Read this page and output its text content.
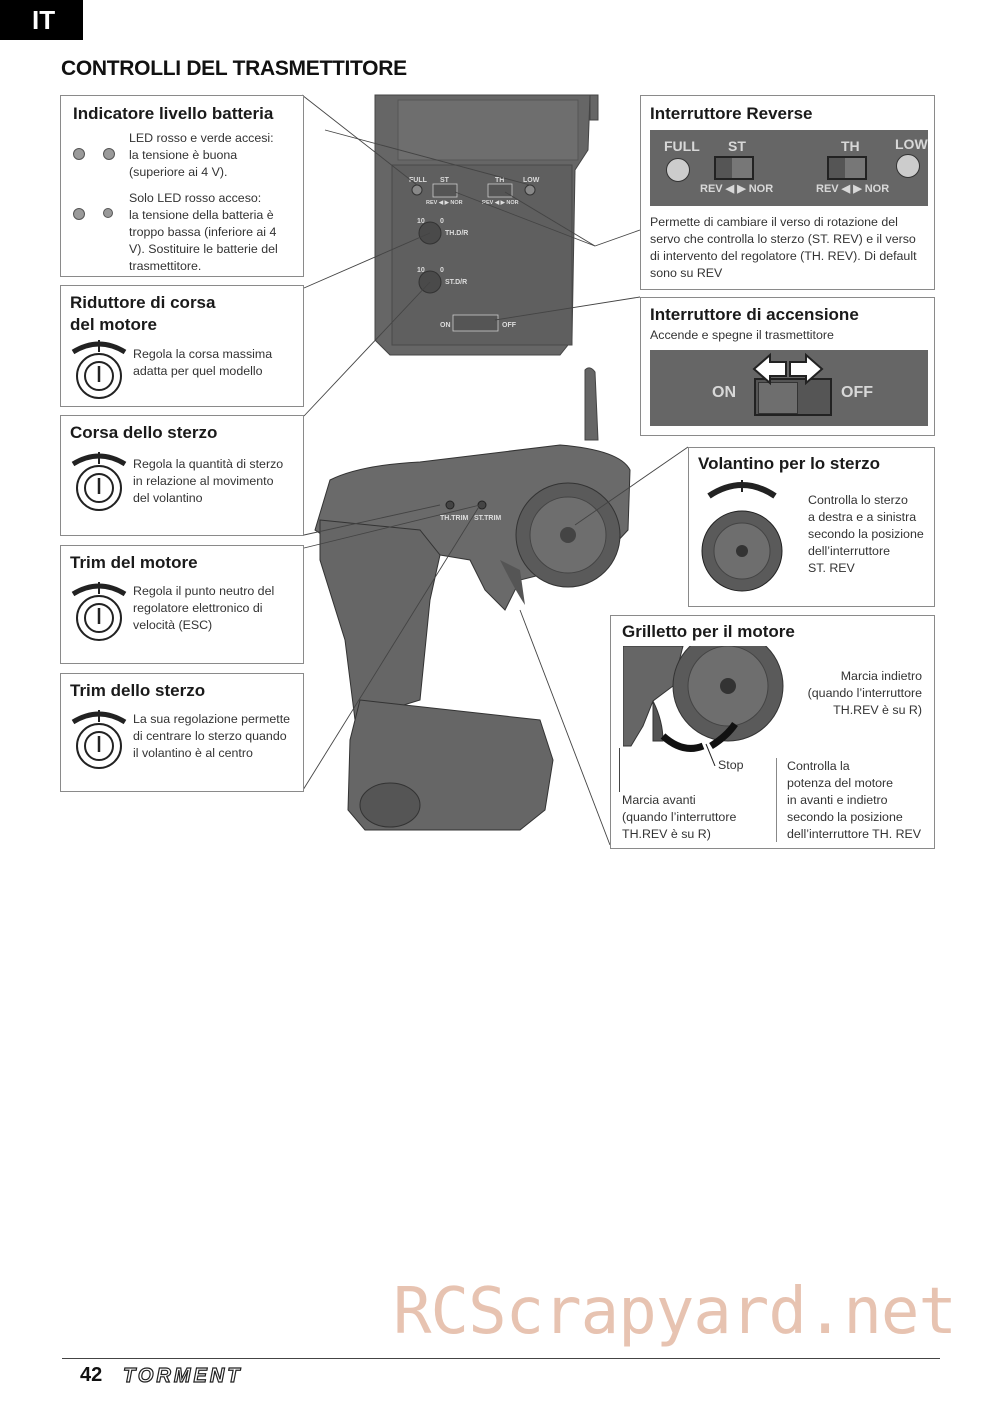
IT
CONTROLLI DEL TRASMETTITORE
FULL ST	TH	LOW
REV ◀ ▶ NOR	REV ◀ ▶ NOR
10 0
TH.D/R
10 0
ST.D/R
ON	OFF
TH.TRIM ST.TRIM
Indicatore livello batteria
LED rosso e verde accesi:
la tensione è buona
(superiore ai 4 V).
Solo LED rosso acceso:
la tensione della batteria è
troppo bassa (inferiore ai 4
V). Sostituire le batterie del
trasmettitore.
Riduttore di corsa
del motore
Regola la corsa massima
adatta per quel modello
Corsa dello sterzo
Regola la quantità di sterzo
in relazione al movimento
del volantino
Trim del motore
Regola il punto neutro del
regolatore elettronico di
velocità (ESC)
Trim dello sterzo
La sua regolazione permette
di centrare lo sterzo quando
il volantino è al centro
Interruttore Reverse
FULL ST
REV ◀ ▶ NOR
TH
REV ◀ ▶ NOR
LOW
Permette di cambiare il verso di rotazione del
servo che controlla lo sterzo (ST. REV) e il verso
di intervento del regolatore (TH. REV). Di default
sono su REV
Interruttore di accensione
Accende e spegne il trasmettitore
ON	OFF
Volantino per lo sterzo
Controlla lo sterzo
a destra e a sinistra
secondo la posizione
dell’interruttore
ST. REV
Grilletto per il motore
Marcia indietro
(quando l’interruttore
TH.REV è su R)
Stop
Marcia avanti
(quando l’interruttore
TH.REV è su R)
Controlla la
potenza del motore
in avanti e indietro
secondo la posizione
dell’interruttore TH. REV
RCScrapyard.net
42 TORMENT
